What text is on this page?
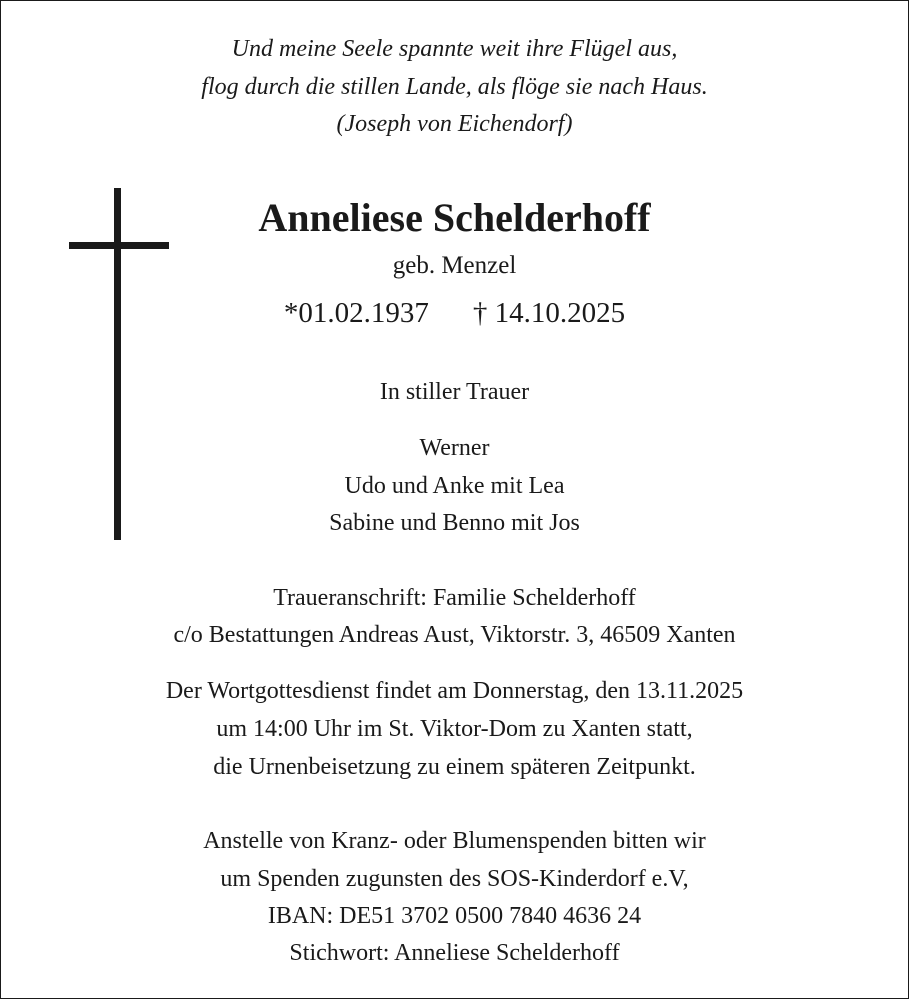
Und meine Seele spannte weit ihre Flügel aus,
flog durch die stillen Lande, als flöge sie nach Haus.
(Joseph von Eichendorf)
Anneliese Schelderhoff
geb. Menzel
*01.02.1937 † 14.10.2025
In stiller Trauer
Werner
Udo und Anke mit Lea
Sabine und Benno mit Jos
Traueranschrift: Familie Schelderhoff
c/o Bestattungen Andreas Aust, Viktorstr. 3, 46509 Xanten
Der Wortgottesdienst findet am Donnerstag, den 13.11.2025
um 14:00 Uhr im St. Viktor-Dom zu Xanten statt,
die Urnenbeisetzung zu einem späteren Zeitpunkt.
Anstelle von Kranz- oder Blumenspenden bitten wir
um Spenden zugunsten des SOS-Kinderdorf e.V,
IBAN: DE51 3702 0500 7840 4636 24
Stichwort: Anneliese Schelderhoff
